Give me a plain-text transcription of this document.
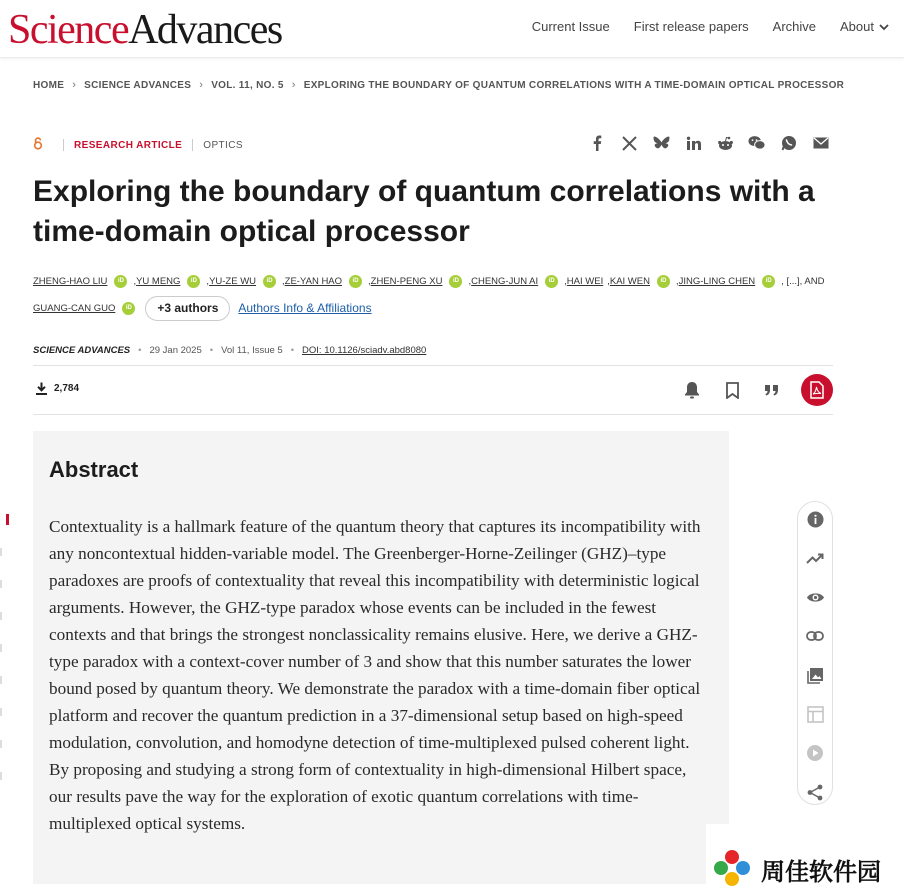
ScienceAdvances	Current Issue First release papers Archive About
HOME › SCIENCE ADVANCES › VOL. 11, NO. 5 › EXPLORING THE BOUNDARY OF QUANTUM CORRELATIONS WITH A TIME-DOMAIN OPTICAL PROCESSOR
RESEARCH ARTICLE OPTICS
Exploring the boundary of quantum correlations with a time-domain optical processor
ZHENG-HAO LIU	iD	, YU MENG	iD	, YU-ZE WU	iD	, ZE-YAN HAO	iD	, ZHEN-PENG XU	iD	, CHENG-JUN AI	iD	, HAI WEI , KAI WEN	iD	, JING-LING CHEN	iD	, [...], AND
GUANG-CAN GUO	iD	+3 authors	Authors Info & Affiliations
SCIENCE ADVANCES • 29 Jan 2025 • Vol 11, Issue 5 • DOI: 10.1126/sciadv.abd8080
2,784
Abstract

Contextuality is a hallmark feature of the quantum theory that captures its incompatibility with any noncontextual hidden-variable model. The Greenberger-Horne-Zeilinger (GHZ)–type paradoxes are proofs of contextuality that reveal this incompatibility with deterministic logical arguments. However, the GHZ-type paradox whose events can be included in the fewest contexts and that brings the strongest nonclassicality remains elusive. Here, we derive a GHZ-type paradox with a context-cover number of 3 and show that this number saturates the lower bound posed by quantum theory. We demonstrate the paradox with a time-domain fiber optical platform and recover the quantum prediction in a 37-dimensional setup based on high-speed modulation, convolution, and homodyne detection of time-multiplexed pulsed coherent light. By proposing and studying a strong form of contextuality in high-dimensional Hilbert space, our results pave the way for the exploration of exotic quantum correlations with time-multiplexed optical systems.

周佳软件园
